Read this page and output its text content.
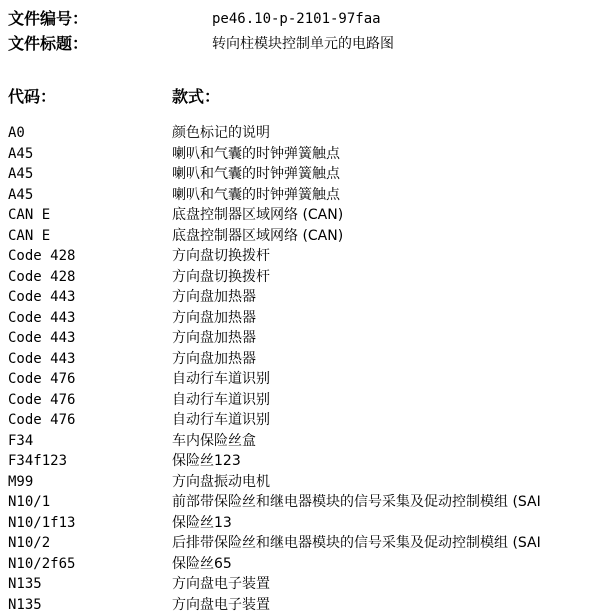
文件编号：	pe46.10-p-2101-97faa
文件标题：	转向柱模块控制单元的电路图
代码：	款式：
A0	颜色标记的说明
A45	喇叭和气囊的时钟弹簧触点
A45	喇叭和气囊的时钟弹簧触点
A45	喇叭和气囊的时钟弹簧触点
CAN E	底盘控制器区域网络 (CAN)
CAN E	底盘控制器区域网络 (CAN)
Code 428	方向盘切换拨杆
Code 428	方向盘切换拨杆
Code 443	方向盘加热器
Code 443	方向盘加热器
Code 443	方向盘加热器
Code 443	方向盘加热器
Code 476	自动行车道识别
Code 476	自动行车道识别
Code 476	自动行车道识别
F34	车内保险丝盒
F34f123	保险丝123
M99	方向盘振动电机
N10/1	前部带保险丝和继电器模块的信号采集及促动控制模组 (SAI
N10/1f13	保险丝13
N10/2	后排带保险丝和继电器模块的信号采集及促动控制模组 (SAI
N10/2f65	保险丝65
N135	方向盘电子装置
N135	方向盘电子装置
